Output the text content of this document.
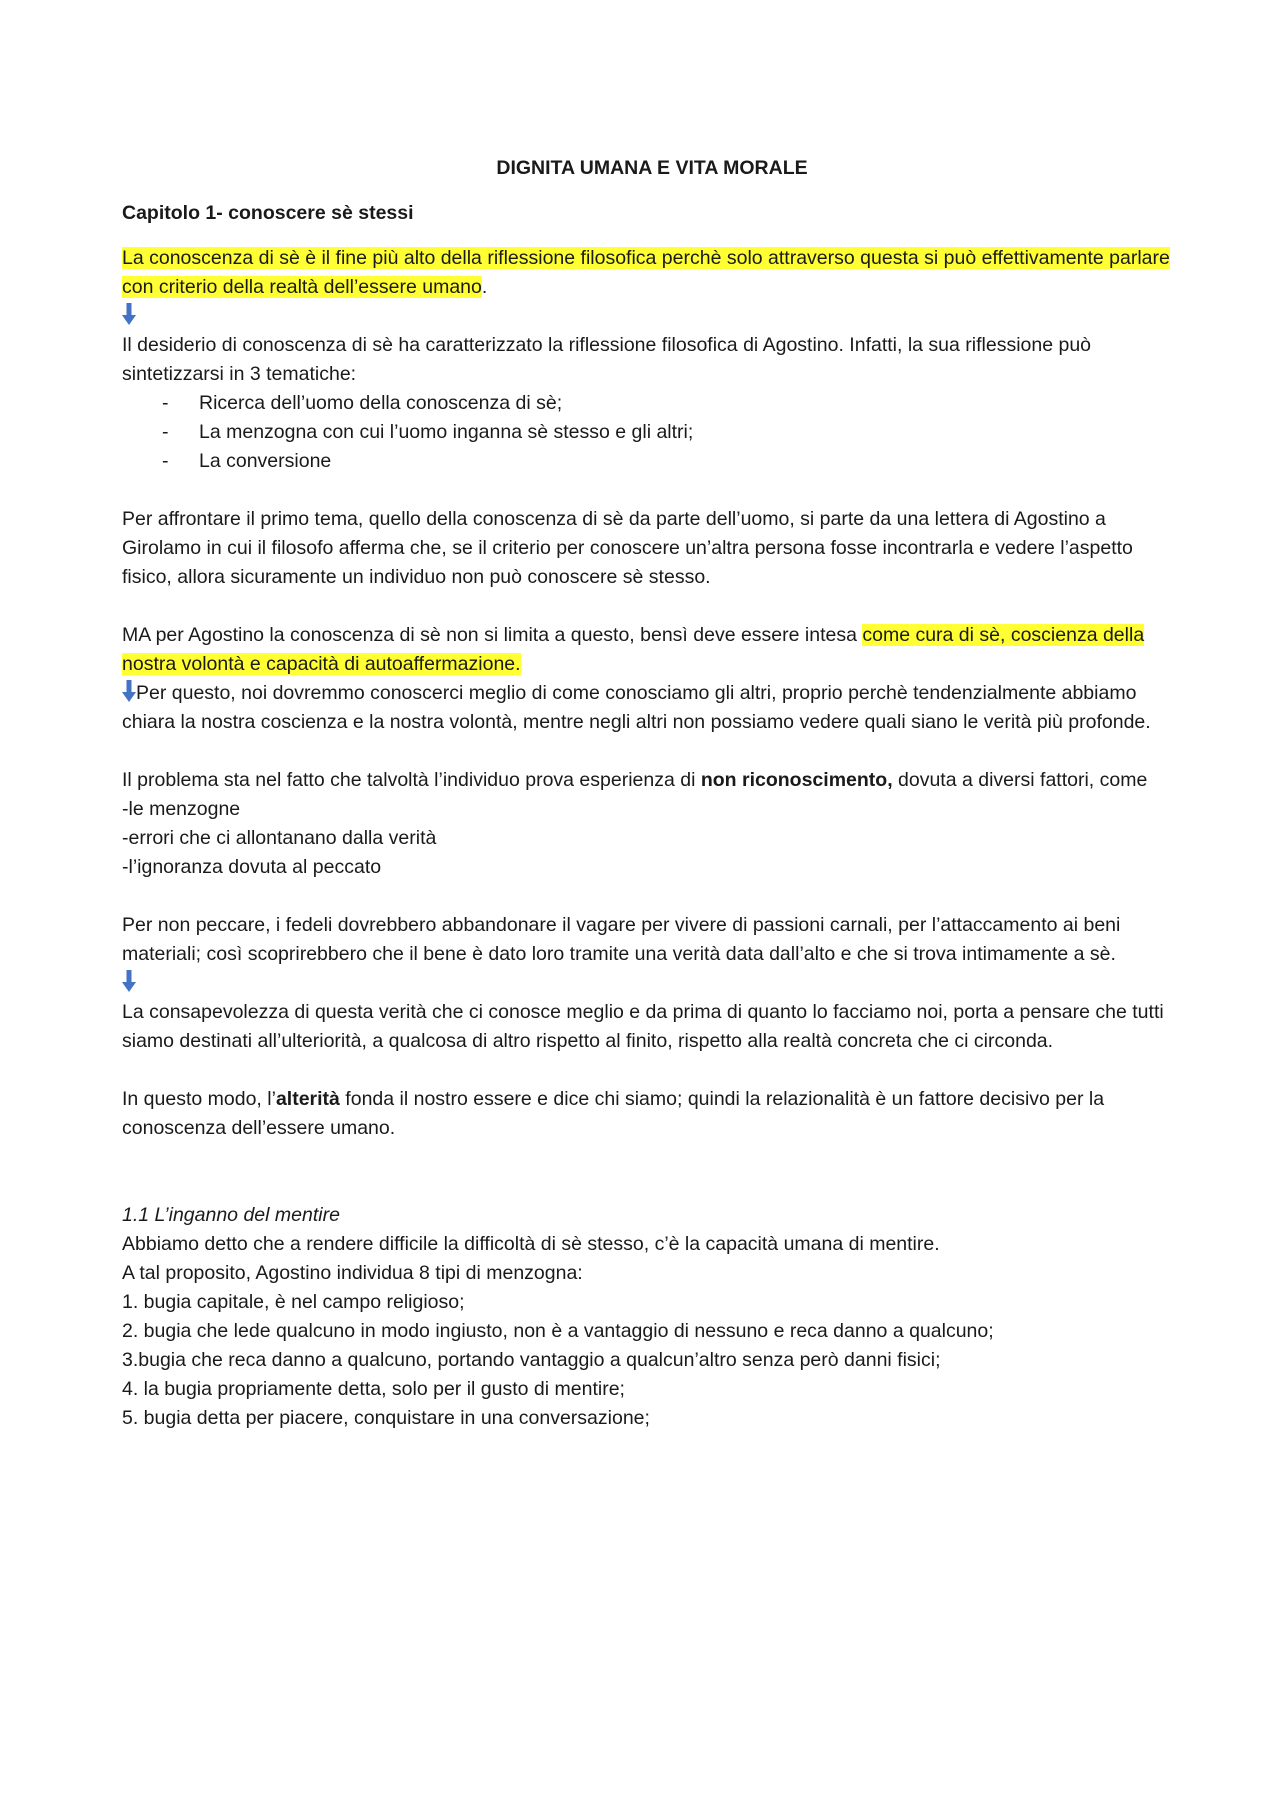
DIGNITA UMANA E VITA MORALE

Capitolo 1- conoscere sè stessi

La conoscenza di sè è il fine più alto della riflessione filosofica perchè solo attraverso questa si può effettivamente parlare con criterio della realtà dell’essere umano.

Il desiderio di conoscenza di sè ha caratterizzato la riflessione filosofica di Agostino. Infatti, la sua riflessione può sintetizzarsi in 3 tematiche:

- Ricerca dell’uomo della conoscenza di sè;
- La menzogna con cui l’uomo inganna sè stesso e gli altri;
- La conversione

Per affrontare il primo tema, quello della conoscenza di sè da parte dell’uomo, si parte da una lettera di Agostino a Girolamo in cui il filosofo afferma che, se il criterio per conoscere un’altra persona fosse incontrarla e vedere l’aspetto fisico, allora sicuramente un individuo non può conoscere sè stesso.

MA per Agostino la conoscenza di sè non si limita a questo, bensì deve essere intesa come cura di sè, coscienza della nostra volontà e capacità di autoaffermazione.

Per questo, noi dovremmo conoscerci meglio di come conosciamo gli altri, proprio perchè tendenzialmente abbiamo chiara la nostra coscienza e la nostra volontà, mentre negli altri non possiamo vedere quali siano le verità più profonde.

Il problema sta nel fatto che talvoltà l’individuo prova esperienza di non riconoscimento, dovuta a diversi fattori, come

-le menzogne

-errori che ci allontanano dalla verità

-l’ignoranza dovuta al peccato

Per non peccare, i fedeli dovrebbero abbandonare il vagare per vivere di passioni carnali, per l’attaccamento ai beni materiali; così scoprirebbero che il bene è dato loro tramite una verità data dall’alto e che si trova intimamente a sè.

La consapevolezza di questa verità che ci conosce meglio e da prima di quanto lo facciamo noi, porta a pensare che tutti siamo destinati all’ulteriorità, a qualcosa di altro rispetto al finito, rispetto alla realtà concreta che ci circonda.

In questo modo, l’alterità fonda il nostro essere e dice chi siamo; quindi la relazionalità è un fattore decisivo per la conoscenza dell’essere umano.

1.1 L’inganno del mentire

Abbiamo detto che a rendere difficile la difficoltà di sè stesso, c’è la capacità umana di mentire.

A tal proposito, Agostino individua 8 tipi di menzogna:

1. bugia capitale, è nel campo religioso;

2. bugia che lede qualcuno in modo ingiusto, non è a vantaggio di nessuno e reca danno a qualcuno;

3.bugia che reca danno a qualcuno, portando vantaggio a qualcun’altro senza però danni fisici;

4. la bugia propriamente detta, solo per il gusto di mentire;

5. bugia detta per piacere, conquistare in una conversazione;
